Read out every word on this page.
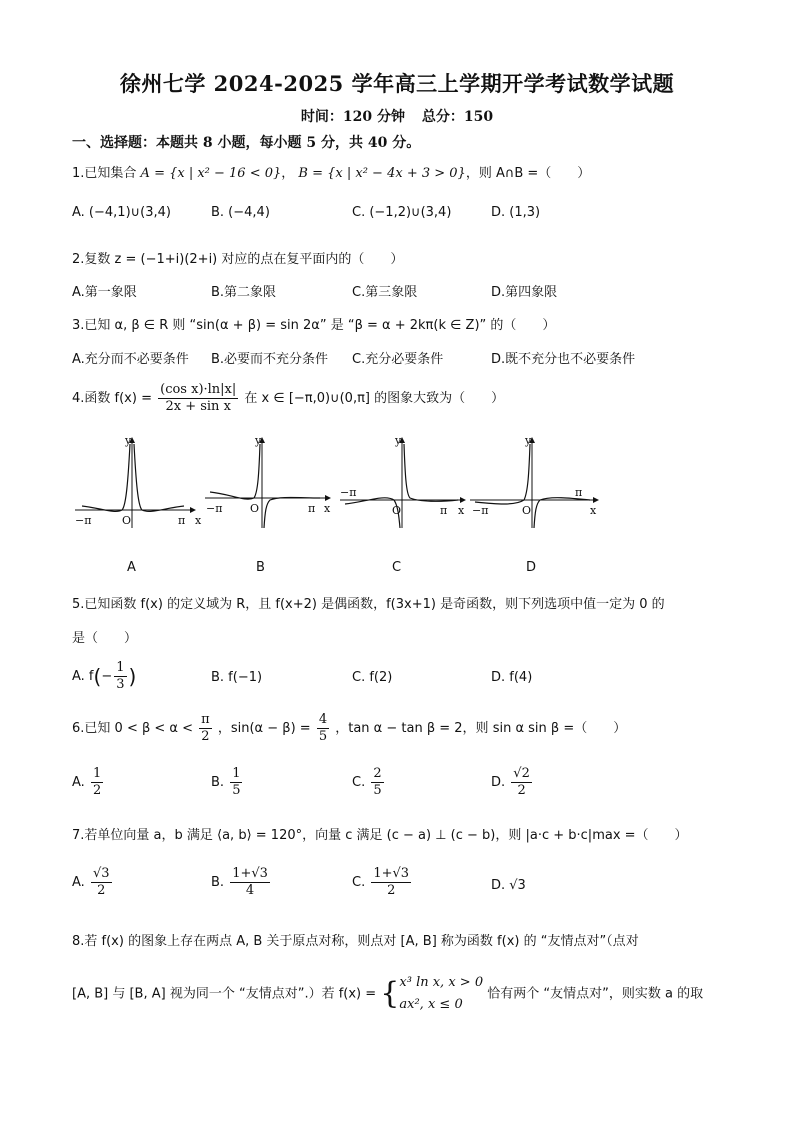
徐州七学 2024-2025 学年高三上学期开学考试数学试题
时间：120 分钟 总分：150
一、选择题：本题共 8 小题，每小题 5 分，共 40 分。
1.已知集合 A = {x | x² − 16 < 0}， B = {x | x² − 4x + 3 > 0}，则 A∩B =（　　）
A. (−4,1)∪(3,4)	B. (−4,4)	C. (−1,2)∪(3,4)	D. (1,3)
2.复数 z = (−1+i)(2+i) 对应的点在复平面内的（　　）
A.第一象限	B.第二象限	C.第三象限	D.第四象限
3.已知 α, β ∈ R 则 “sin(α + β) = sin 2α” 是 “β = α + 2kπ(k ∈ Z)” 的（　　）
A.充分而不必要条件 B.必要而不充分条件 C.充分必要条件	D.既不充分也不必要条件
4.函数 $f(x) = \frac{\text{(cos x)·ln|x|}}{\text{2x + sin x}}$ 在 x ∈ [−π,0)∪(0,π] 的图象大致为（　　）
y
x
O
−π	π
y
x
O
−π	π
y
x
O
−π
π
y
x
O
−π
π
A	B	C	D
5.已知函数 f(x) 的定义域为 R，且 f(x+2) 是偶函数，f(3x+1) 是奇函数，则下列选项中值一定为 0 的
是（　　）
A. $f(- \frac{1}{3}$ )	B. f(−1)	C. f(2)	D. f(4)
6.已知 $0 < \beta < \alpha < \frac{\pi}{2}$ ，$\sin(\alpha - \beta) = \frac{4}{5}$ ，tan α − tan β = 2，则 sin α sin β =（　　）
A. $\frac{1}{2}$	B. $\frac{1}{5}$	C. $\frac{2}{5}$	D. $\frac{√2}{2}$
7.若单位向量 a，b 满足 ⟨a, b⟩ = 120°，向量 c 满足 (c − a) ⊥ (c − b)，则 |a·c + b·c|max =（　　）
A. $\frac{√3}{2}$	B. $\frac{1+√3}{4}$	C. $\frac{1+√3}{2}$	D. √3
8.若 f(x) 的图象上存在两点 A, B 关于原点对称，则点对 [A, B] 称为函数 f(x) 的 “友情点对”（点对
[A, B] 与 [B, A] 视为同一个 “友情点对”.）若 f(x) = { x³ ln x, x > 0
ax², x ≤ 0
恰有两个 “友情点对”，则实数 a 的取
